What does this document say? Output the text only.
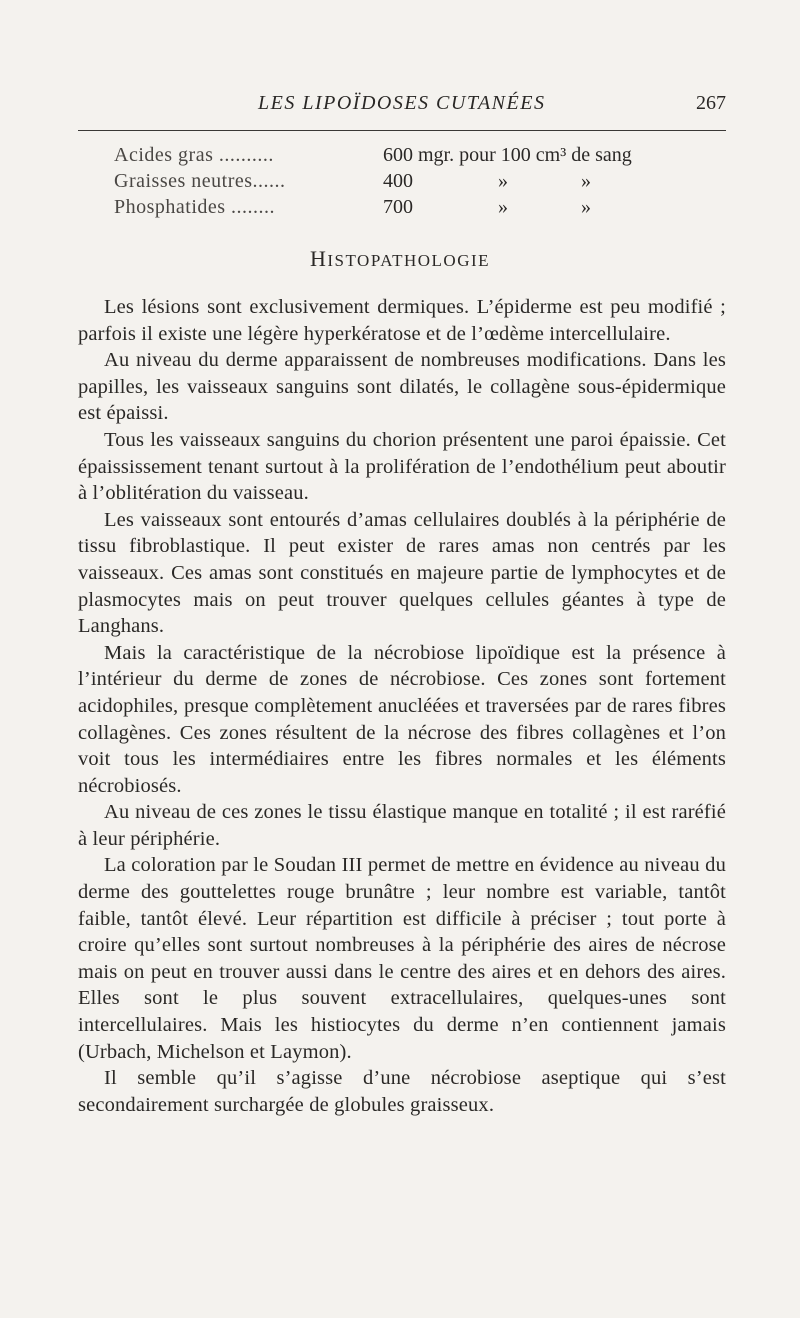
LES LIPOÏDOSES CUTANÉES	267
Acides gras ..........	600 mgr. pour 100 cm³ de sang
Graisses neutres......	400	»	»
Phosphatides ........	700	»	»
HISTOPATHOLOGIE

Les lésions sont exclusivement dermiques. L’épiderme est peu modifié ; parfois il existe une légère hyperkératose et de l’œdème intercellulaire.

Au niveau du derme apparaissent de nombreuses modifications. Dans les papilles, les vaisseaux sanguins sont dilatés, le collagène sous-épidermique est épaissi.

Tous les vaisseaux sanguins du chorion présentent une paroi épaissie. Cet épaississement tenant surtout à la prolifération de l’endothélium peut aboutir à l’oblitération du vaisseau.

Les vaisseaux sont entourés d’amas cellulaires doublés à la périphérie de tissu fibroblastique. Il peut exister de rares amas non centrés par les vaisseaux. Ces amas sont constitués en majeure partie de lymphocytes et de plasmocytes mais on peut trouver quelques cellules géantes à type de Langhans.

Mais la caractéristique de la nécrobiose lipoïdique est la présence à l’intérieur du derme de zones de nécrobiose. Ces zones sont fortement acidophiles, presque complètement anucléées et traversées par de rares fibres collagènes. Ces zones résultent de la nécrose des fibres collagènes et l’on voit tous les intermédiaires entre les fibres normales et les éléments nécrobiosés.

Au niveau de ces zones le tissu élastique manque en totalité ; il est raréfié à leur périphérie.

La coloration par le Soudan III permet de mettre en évidence au niveau du derme des gouttelettes rouge brunâtre ; leur nombre est variable, tantôt faible, tantôt élevé. Leur répartition est difficile à préciser ; tout porte à croire qu’elles sont surtout nombreuses à la périphérie des aires de nécrose mais on peut en trouver aussi dans le centre des aires et en dehors des aires. Elles sont le plus souvent extracellulaires, quelques-unes sont intercellulaires. Mais les histiocytes du derme n’en contiennent jamais (Urbach, Michelson et Laymon).

Il semble qu’il s’agisse d’une nécrobiose aseptique qui s’est secondairement surchargée de globules graisseux.
